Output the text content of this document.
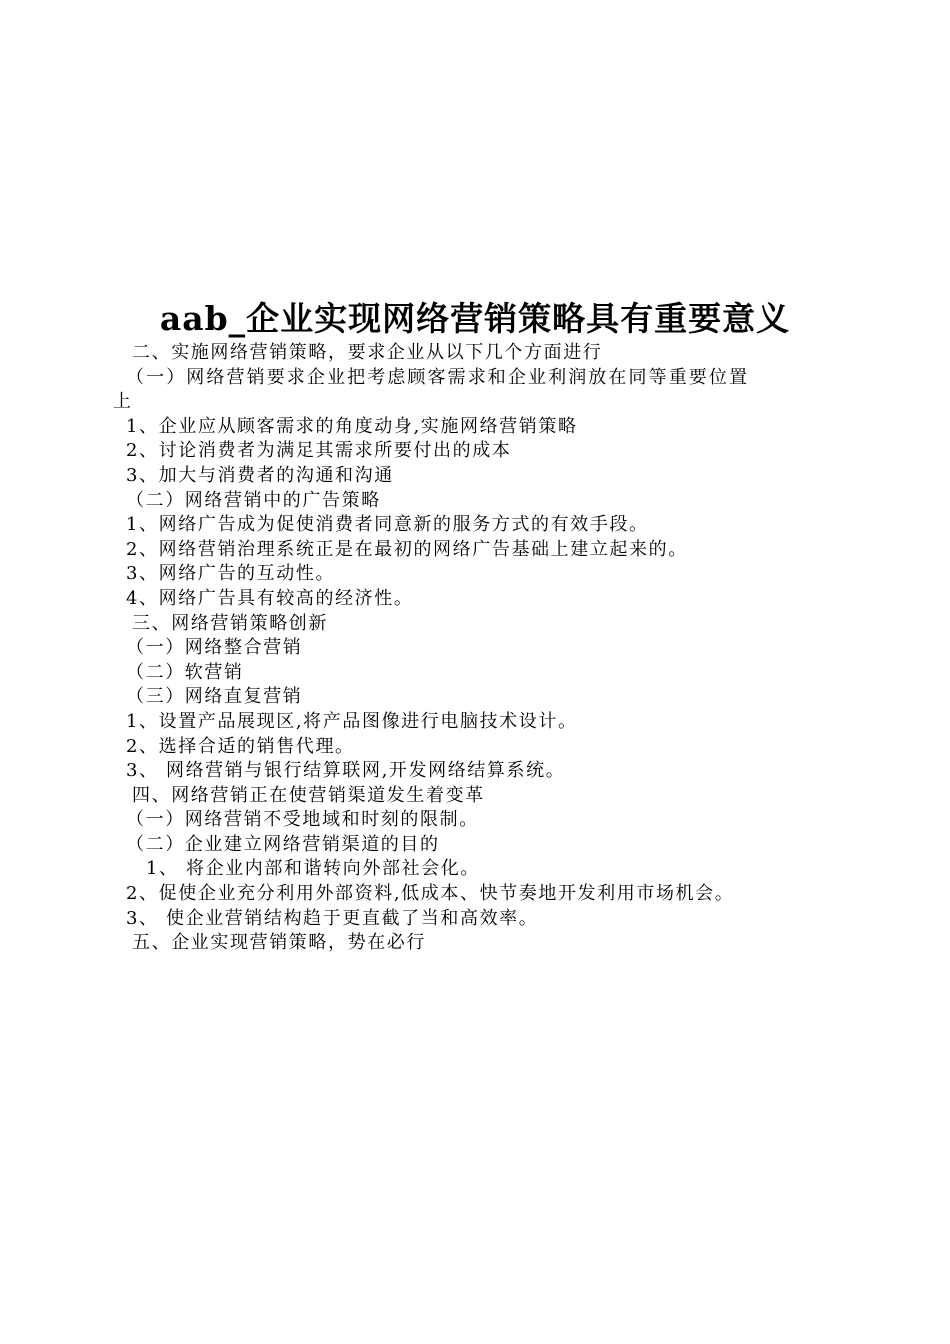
aab_企业实现网络营销策略具有重要意义
二、实施网络营销策略，要求企业从以下几个方面进行
（一）网络营销要求企业把考虑顾客需求和企业利润放在同等重要位置
上
1、企业应从顾客需求的角度动身,实施网络营销策略
2、讨论消费者为满足其需求所要付出的成本
3、加大与消费者的沟通和沟通
（二）网络营销中的广告策略
1、网络广告成为促使消费者同意新的服务方式的有效手段。
2、网络营销治理系统正是在最初的网络广告基础上建立起来的。
3、网络广告的互动性。
4、网络广告具有较高的经济性。
三、网络营销策略创新
（一）网络整合营销
（二）软营销
（三）网络直复营销
1、设置产品展现区,将产品图像进行电脑技术设计。
2、选择合适的销售代理。
3、 网络营销与银行结算联网,开发网络结算系统。
四、网络营销正在使营销渠道发生着变革
（一）网络营销不受地域和时刻的限制。
（二）企业建立网络营销渠道的目的
1、 将企业内部和谐转向外部社会化。
2、促使企业充分利用外部资料,低成本、快节奏地开发利用市场机会。
3、 使企业营销结构趋于更直截了当和高效率。
五、企业实现营销策略，势在必行
